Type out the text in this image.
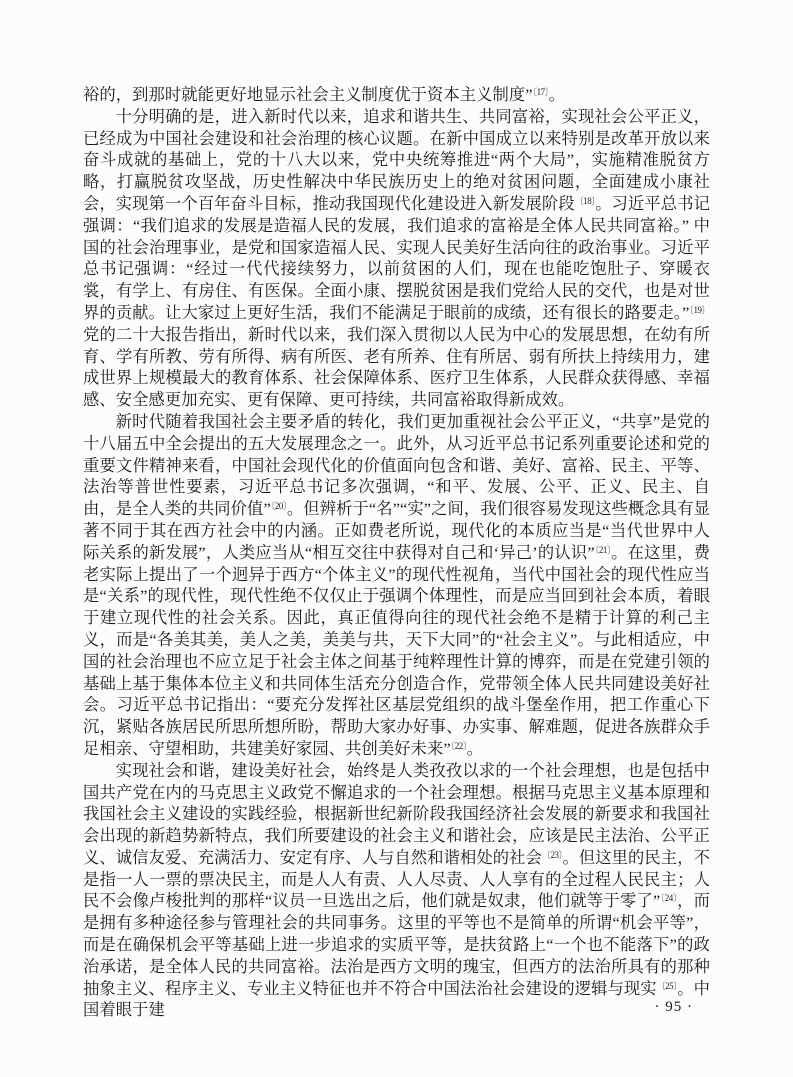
裕的，到那时就能更好地显示社会主义制度优于资本主义制度”$^{〔17〕}$。

十分明确的是，进入新时代以来，追求和谐共生、共同富裕，实现社会公平正义，已经成为中国社会建设和社会治理的核心议题。在新中国成立以来特别是改革开放以来奋斗成就的基础上，党的十八大以来，党中央统筹推进“两个大局”，实施精准脱贫方略，打赢脱贫攻坚战，历史性解决中华民族历史上的绝对贫困问题，全面建成小康社会，实现第一个百年奋斗目标，推动我国现代化建设进入新发展阶段$^{〔18〕}$。习近平总书记强调：“我们追求的发展是造福人民的发展，我们追求的富裕是全体人民共同富裕。” 中国的社会治理事业，是党和国家造福人民、实现人民美好生活向往的政治事业。习近平总书记强调：“经过一代代接续努力，以前贫困的人们，现在也能吃饱肚子、穿暖衣裳，有学上、有房住、有医保。全面小康、摆脱贫困是我们党给人民的交代，也是对世界的贡献。让大家过上更好生活，我们不能满足于眼前的成绩，还有很长的路要走。”$^{〔19〕}$党的二十大报告指出，新时代以来，我们深入贯彻以人民为中心的发展思想，在幼有所育、学有所教、劳有所得、病有所医、老有所养、住有所居、弱有所扶上持续用力，建成世界上规模最大的教育体系、社会保障体系、医疗卫生体系，人民群众获得感、幸福感、安全感更加充实、更有保障、更可持续，共同富裕取得新成效。

新时代随着我国社会主要矛盾的转化，我们更加重视社会公平正义，“共享”是党的十八届五中全会提出的五大发展理念之一。此外，从习近平总书记系列重要论述和党的重要文件精神来看，中国社会现代化的价值面向包含和谐、美好、富裕、民主、平等、法治等普世性要素，习近平总书记多次强调，“和平、发展、公平、正义、民主、自由，是全人类的共同价值”$^{〔20〕}$。但辨析于“名”“实”之间，我们很容易发现这些概念具有显著不同于其在西方社会中的内涵。正如费老所说，现代化的本质应当是“当代世界中人际关系的新发展”，人类应当从“相互交往中获得对自己和‘异己’的认识”$^{〔21〕}$。在这里，费老实际上提出了一个迥异于西方“个体主义”的现代性视角，当代中国社会的现代性应当是“关系”的现代性，现代性绝不仅仅止于强调个体理性，而是应当回到社会本质，着眼于建立现代性的社会关系。因此，真正值得向往的现代社会绝不是精于计算的利己主义，而是“各美其美，美人之美，美美与共，天下大同”的“社会主义”。与此相适应，中国的社会治理也不应立足于社会主体之间基于纯粹理性计算的博弈，而是在党建引领的基础上基于集体本位主义和共同体生活充分创造合作，党带领全体人民共同建设美好社会。习近平总书记指出：“要充分发挥社区基层党组织的战斗堡垒作用，把工作重心下沉，紧贴各族居民所思所想所盼，帮助大家办好事、办实事、解难题，促进各族群众手足相亲、守望相助，共建美好家园、共创美好未来”$^{〔22〕}$。

实现社会和谐，建设美好社会，始终是人类孜孜以求的一个社会理想，也是包括中国共产党在内的马克思主义政党不懈追求的一个社会理想。根据马克思主义基本原理和我国社会主义建设的实践经验，根据新世纪新阶段我国经济社会发展的新要求和我国社会出现的新趋势新特点，我们所要建设的社会主义和谐社会，应该是民主法治、公平正义、诚信友爱、充满活力、安定有序、人与自然和谐相处的社会$^{〔23〕}$。但这里的民主，不是指一人一票的票决民主，而是人人有责、人人尽责、人人享有的全过程人民民主；人民不会像卢梭批判的那样“议员一旦选出之后，他们就是奴隶，他们就等于零了”$^{〔24〕}$，而是拥有多种途径参与管理社会的共同事务。这里的平等也不是简单的所谓“机会平等”，而是在确保机会平等基础上进一步追求的实质平等，是扶贫路上“一个也不能落下”的政治承诺，是全体人民的共同富裕。法治是西方文明的瑰宝，但西方的法治所具有的那种抽象主义、程序主义、专业主义特征也并不符合中国法治社会建设的逻辑与现实$^{〔25〕}$。中国着眼于建	· 95 ·
